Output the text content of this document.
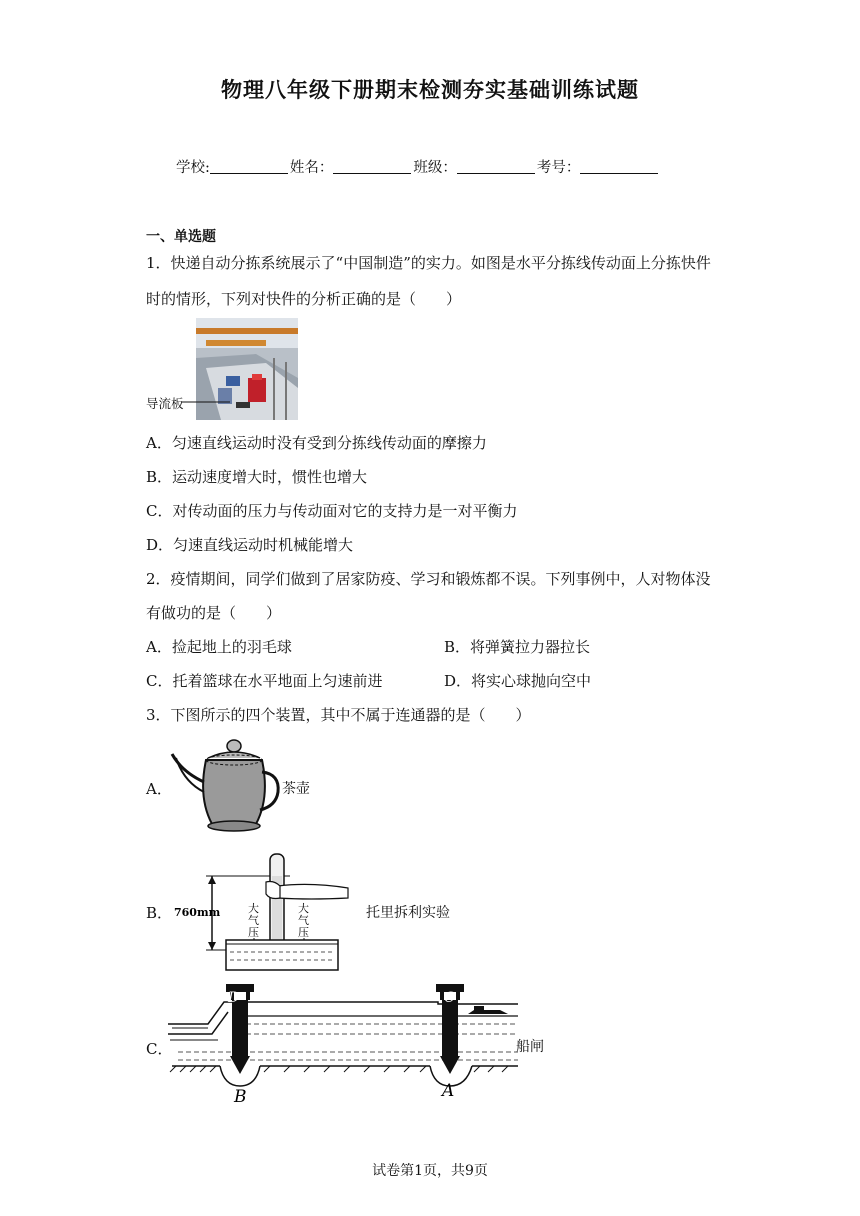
物理八年级下册期末检测夯实基础训练试题
学校:	姓名：	班级：	考号：
一、单选题
1．快递自动分拣系统展示了“中国制造”的实力。如图是水平分拣线传动面上分拣快件
时的情形，下列对快件的分析正确的是（　　）
导流板
A．匀速直线运动时没有受到分拣线传动面的摩擦力
B．运动速度增大时，惯性也增大
C．对传动面的压力与传动面对它的支持力是一对平衡力
D．匀速直线运动时机械能增大
2．疫情期间，同学们做到了居家防疫、学习和锻炼都不误。下列事例中，人对物体没
有做功的是（　　）
A．捡起地上的羽毛球	B．将弹簧拉力器拉长
C．托着篮球在水平地面上匀速前进	D．将实心球抛向空中
3．下图所示的四个装置，其中不属于连通器的是（　　）
A．	茶壶
B． 760mm	大
气
压
大
气
压
托里拆利实验
C．
D	C
B	A
船闸
试卷第1页，共9页
